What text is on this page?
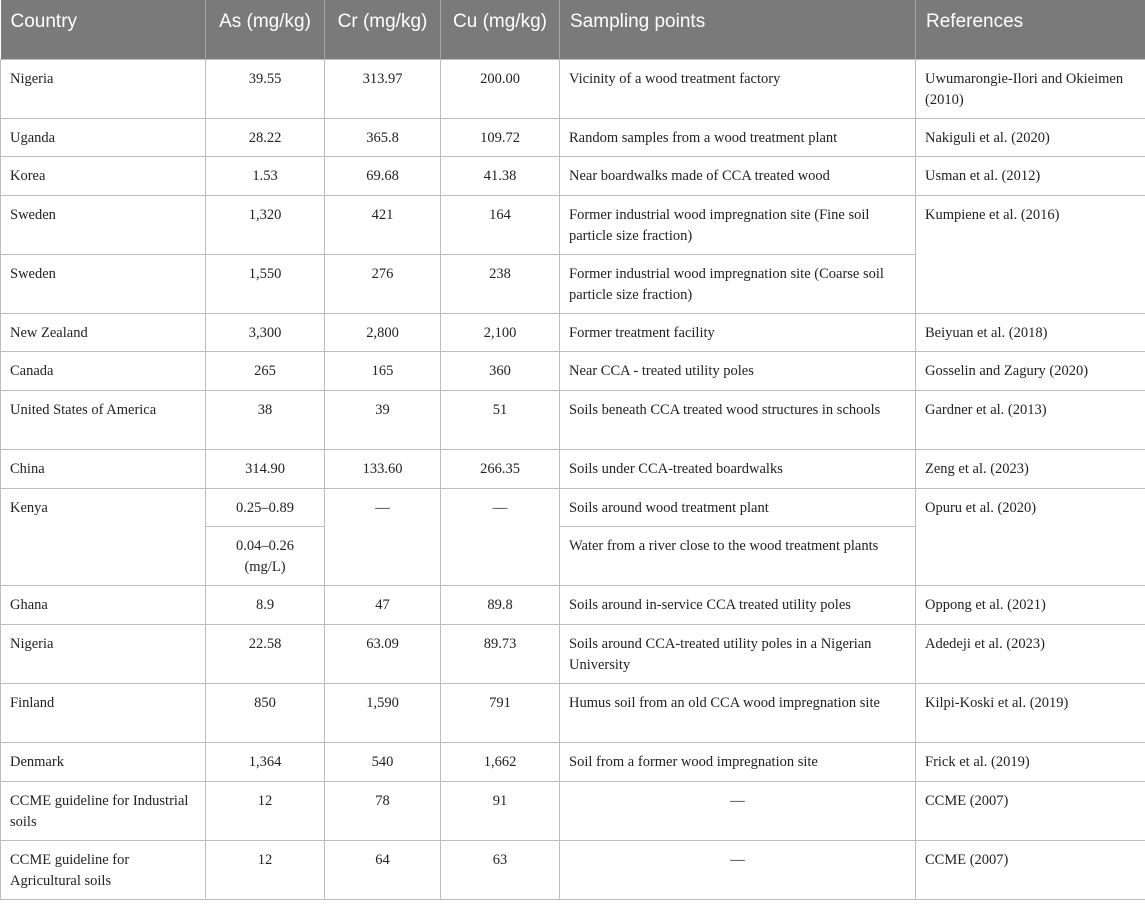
Country	As (mg/kg)	Cr (mg/kg)	Cu (mg/kg)	Sampling points	References
Nigeria	39.55	313.97	200.00	Vicinity of a wood treatment factory	Uwumarongie-Ilori and Okieimen (2010)
Uganda	28.22	365.8	109.72	Random samples from a wood treatment plant	Nakiguli et al. (2020)
Korea	1.53	69.68	41.38	Near boardwalks made of CCA treated wood	Usman et al. (2012)
Sweden	1,320	421	164	Former industrial wood impregnation site (Fine soil particle size fraction)	Kumpiene et al. (2016)
Sweden	1,550	276	238	Former industrial wood impregnation site (Coarse soil particle size fraction)	
New Zealand	3,300	2,800	2,100	Former treatment facility	Beiyuan et al. (2018)
Canada	265	165	360	Near CCA - treated utility poles	Gosselin and Zagury (2020)
United States of America	38	39	51	Soils beneath CCA treated wood structures in schools	Gardner et al. (2013)
China	314.90	133.60	266.35	Soils under CCA-treated boardwalks	Zeng et al. (2023)
Kenya	0.25–0.89	—	—	Soils around wood treatment plant	Opuru et al. (2020)
	0.04–0.26 (mg/L)			Water from a river close to the wood treatment plants	
Ghana	8.9	47	89.8	Soils around in-service CCA treated utility poles	Oppong et al. (2021)
Nigeria	22.58	63.09	89.73	Soils around CCA-treated utility poles in a Nigerian University	Adedeji et al. (2023)
Finland	850	1,590	791	Humus soil from an old CCA wood impregnation site	Kilpi-Koski et al. (2019)
Denmark	1,364	540	1,662	Soil from a former wood impregnation site	Frick et al. (2019)
CCME guideline for Industrial soils	12	78	91	—	CCME (2007)
CCME guideline for Agricultural soils	12	64	63	—	CCME (2007)
